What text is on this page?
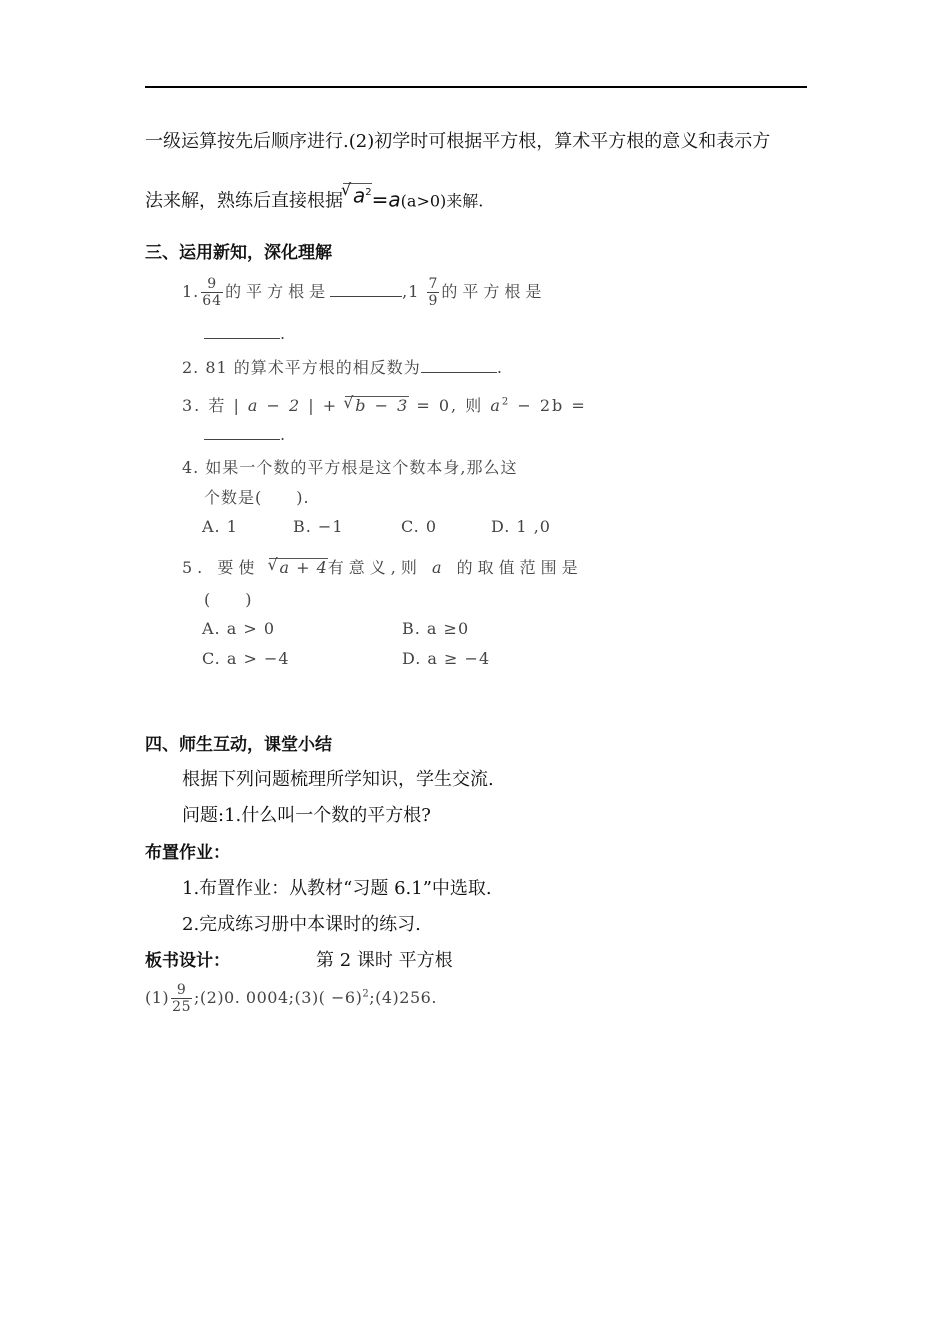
一级运算按先后顺序进行.(2)初学时可根据平方根，算术平方根的意义和表示方
法来解，熟练后直接根据 √ $a^2=a(a>0)$来解.
三、运用新知，深化理解
1. $\frac{9}{64}$ 的平方根是	$,1 \frac{7}{9}$ 的平方根是
.
2. 81 的算术平方根的相反数为	.
3. 若 | a − 2 | + √ b − 3 = 0, 则 $a^2 - 2b$ =
.
4. 如果一个数的平方根是这个数本身,那么这
个数是(　　).
A. 1	B. −1	C. 0	D. 1 ,0
5. 要使 √ a + 4有意义,则 a 的取值范围是
(　　)
A. a > 0	B. a ≥0
C. a > −4	D. a ≥ −4
四、师生互动，课堂小结
根据下列问题梳理所学知识，学生交流.
问题:1.什么叫一个数的平方根?
布置作业：
1.布置作业：从教材“习题 6.1”中选取.
2.完成练习册中本课时的练习.
板书设计：	第 2 课时 平方根
$(1) \frac{9}{25}$ ;(2)0. 0004;(3)( −6)$^2$;(4)256.
